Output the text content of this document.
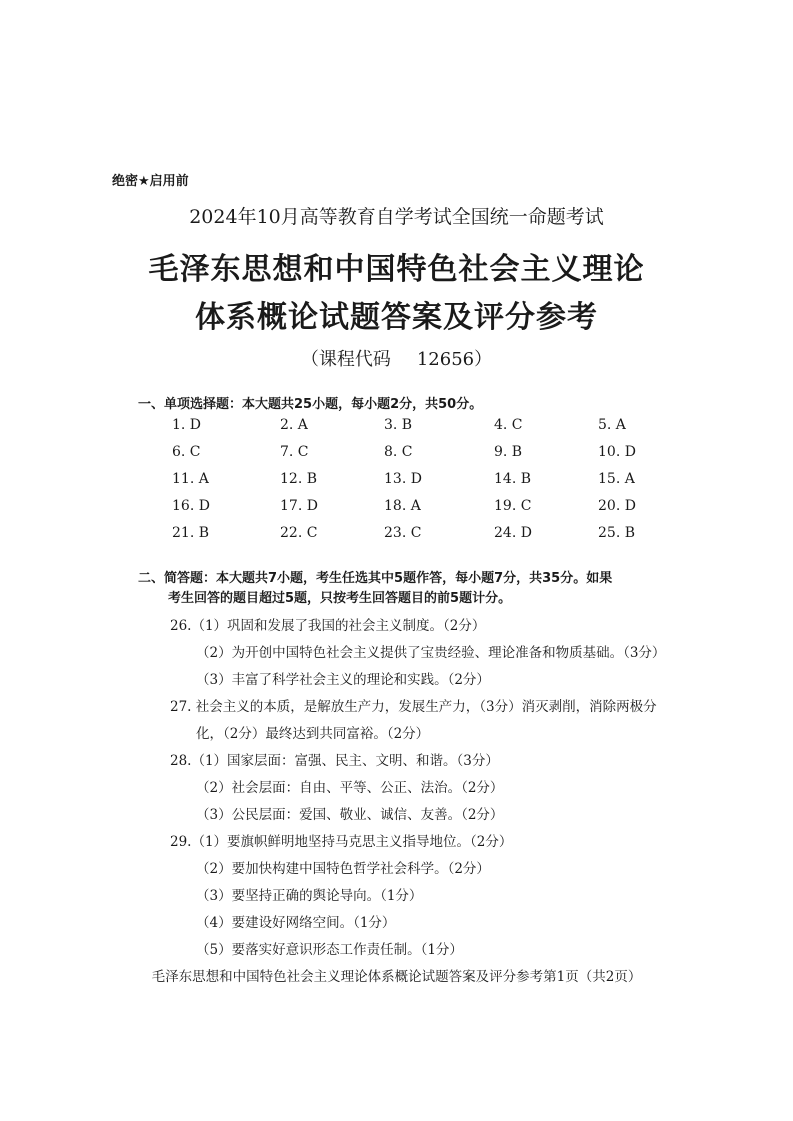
绝密★启用前
2024年10月高等教育自学考试全国统一命题考试
毛泽东思想和中国特色社会主义理论
体系概论试题答案及评分参考
（课程代码 12656）
一、单项选择题：本大题共25小题，每小题2分，共50分。
1. D	2. A	3. B	4. C	5. A
6. C	7. C	8. C	9. B	10. D
11. A	12. B	13. D	14. B	15. A
16. D	17. D	18. A	19. C	20. D
21. B	22. C	23. C	24. D	25. B
二、简答题：本大题共7小题，考生任选其中5题作答，每小题7分，共35分。如果
考生回答的题目超过5题，只按考生回答题目的前5题计分。
26.（1）巩固和发展了我国的社会主义制度。（2分）
（2）为开创中国特色社会主义提供了宝贵经验、理论准备和物质基础。（3分）
（3）丰富了科学社会主义的理论和实践。（2分）
27. 社会主义的本质，是解放生产力，发展生产力，（3分）消灭剥削，消除两极分
化，（2分）最终达到共同富裕。（2分）
28.（1）国家层面：富强、民主、文明、和谐。（3分）
（2）社会层面：自由、平等、公正、法治。（2分）
（3）公民层面：爱国、敬业、诚信、友善。（2分）
29.（1）要旗帜鲜明地坚持马克思主义指导地位。（2分）
（2）要加快构建中国特色哲学社会科学。（2分）
（3）要坚持正确的舆论导向。（1分）
（4）要建设好网络空间。（1分）
（5）要落实好意识形态工作责任制。（1分）
毛泽东思想和中国特色社会主义理论体系概论试题答案及评分参考第1页（共2页）
